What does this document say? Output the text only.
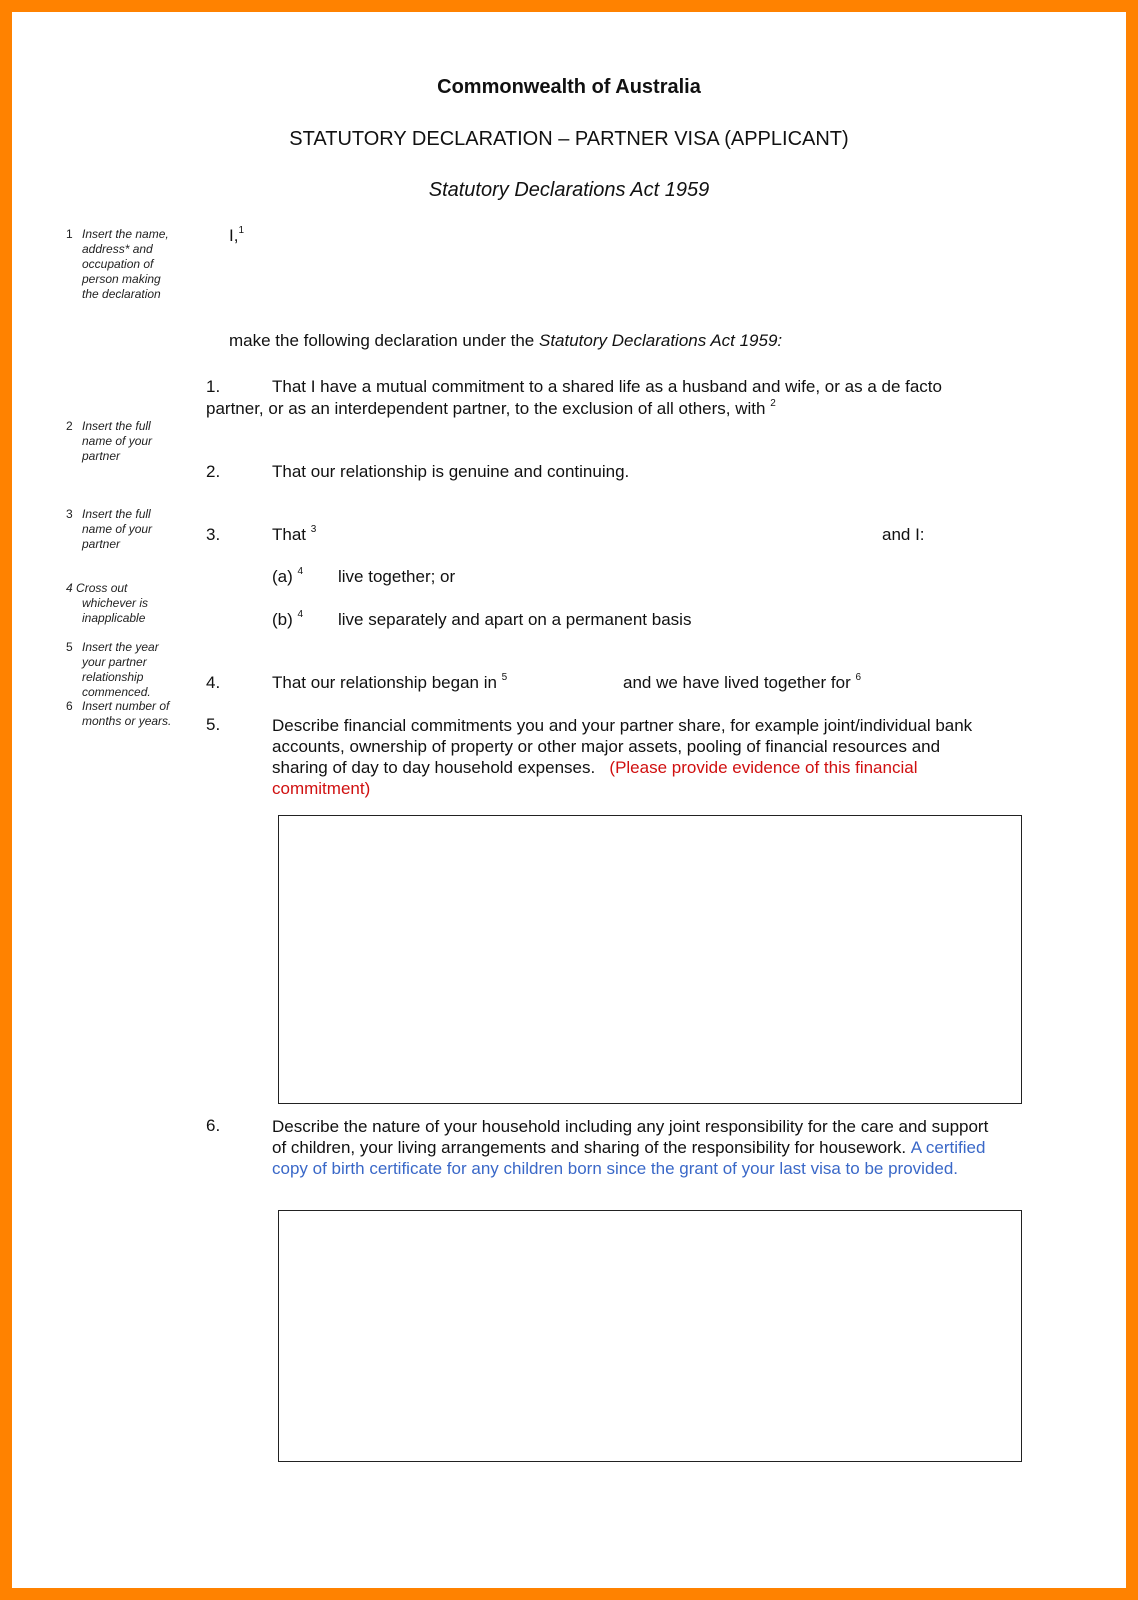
Commonwealth of Australia
STATUTORY DECLARATION – PARTNER VISA (APPLICANT)
Statutory Declarations Act 1959
1 Insert the name,
address* and
occupation of
person making
the declaration
2 Insert the full
name of your
partner
3 Insert the full
name of your
partner
4 Cross out
whichever is
inapplicable
5 Insert the year
your partner
relationship
commenced.
6 Insert number of
months or years.
I,$^1$
make the following declaration under the Statutory Declarations Act 1959:
1.	That I have a mutual commitment to a shared life as a husband and wife, or as a de facto
partner, or as an interdependent partner, to the exclusion of all others, with $^2$
2.	That our relationship is genuine and continuing.
3.	That $^3$	and I:
(a) $^4$ live together; or
(b) $^4$ live separately and apart on a permanent basis
4.	That our relationship began in $^5$	and we have lived together for $^6$
5.	Describe financial commitments you and your partner share, for example joint/individual bank
accounts, ownership of property or other major assets, pooling of financial resources and
sharing of day to day household expenses. (Please provide evidence of this financial
commitment)
6.	Describe the nature of your household including any joint responsibility for the care and support
of children, your living arrangements and sharing of the responsibility for housework. A certified
copy of birth certificate for any children born since the grant of your last visa to be provided.
